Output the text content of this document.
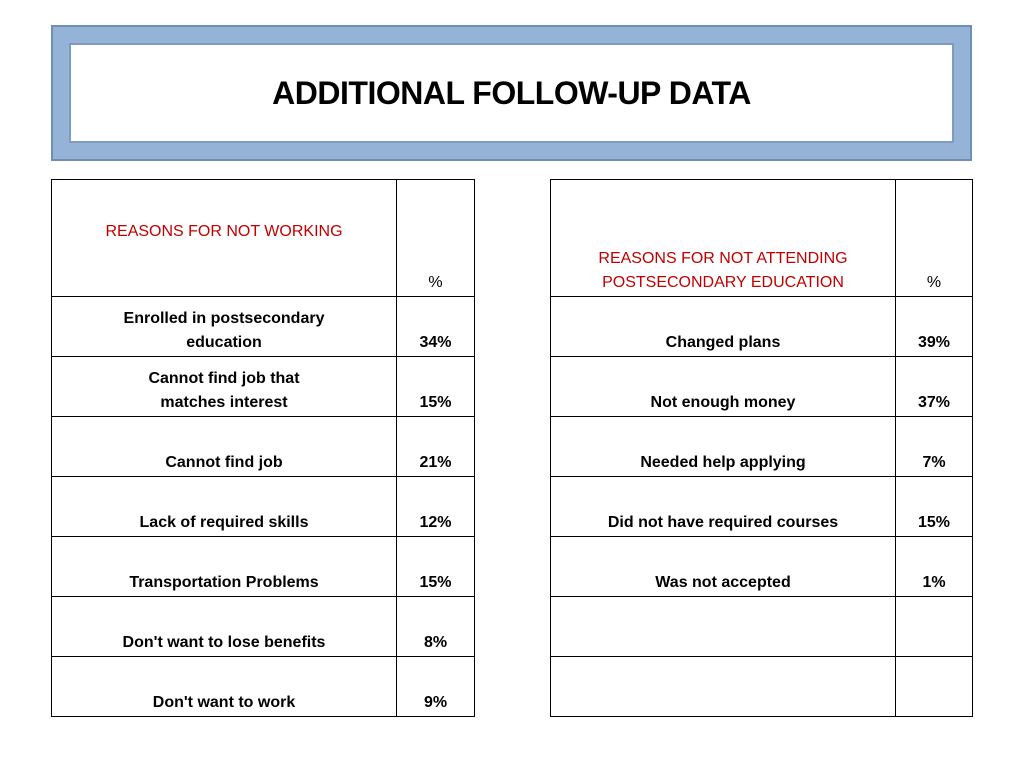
ADDITIONAL FOLLOW-UP DATA
REASONS FOR NOT WORKING	%
Enrolled in postsecondary
education	34%
Cannot find job that
matches interest	15%
Cannot find job	21%
Lack of required skills	12%
Transportation Problems	15%
Don't want to lose benefits	8%
Don't want to work	9%
REASONS FOR NOT ATTENDING
POSTSECONDARY EDUCATION	%
Changed plans	39%
Not enough money	37%
Needed help applying	7%
Did not have required courses	15%
Was not accepted	1%
